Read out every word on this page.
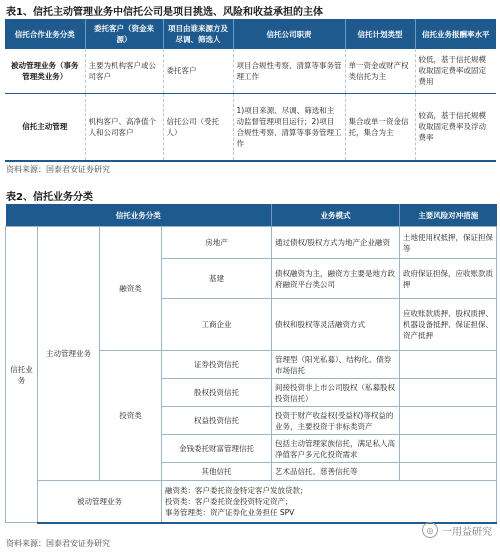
表1、信托主动管理业务中信托公司是项目挑选、风险和收益承担的主体
信托合作业务分类	委托客户（资金来源）	项目由谁来源方及尽调、筛选人	信托公司职责	信托计划类型	信托业务报酬率水平
被动管理业务（事务管理类业务）	主要为机构客户或公司客户	委托客户	项目合规性考察、清算等事务管理工作	单一资金或财产权类信托为主	较低，基于信托规模收取固定费率或固定费用
信托主动管理	机构客户、高净值个人和公司客户	信托公司（受托人）	1)项目来源、尽调、筛选和主动监督管理项目运行；2)项目合规性考察、清算等事务管理工作	集合或单一资金信托，集合为主	较高，基于信托规模收取固定费率及浮动费率
资料来源：国泰君安证券研究
表2、信托业务分类
信托业务分类				业务模式	主要风险对冲措施
信托业务	主动管理业务	融资类	房地产	通过债权/股权方式为地产企业融资	土地使用权抵押，保证担保等
			基建	债权融资为主，融资方主要是地方政府融资平台类公司	政府保证担保，应收账款质押
			工商企业	债权和股权等灵活融资方式	应收账款质押、股权质押、机器设备抵押、保证担保、资产抵押
		投资类	证券投资信托	管理型（阳光私募）、结构化、债券市场信托	
			股权投资信托	间接投资非上市公司股权（私募股权投资信托）	
			权益投资信托	投资于财产收益权(受益权)等权益的业务，主要投资于非标类资产	
			金钱委托财富管理信托	包括主动管理家族信托，满足私人高净值客户多元化投资需求	
			其他信托	艺术品信托、慈善信托等	
	被动管理业务		融资类：客户委托资金特定客户发放贷款；
投资类：客户委托资金投资特定资产；
事务管理类：资产证券化业务担任 SPV		
资料来源：国泰君安证券研究
◎ 一用益研究
